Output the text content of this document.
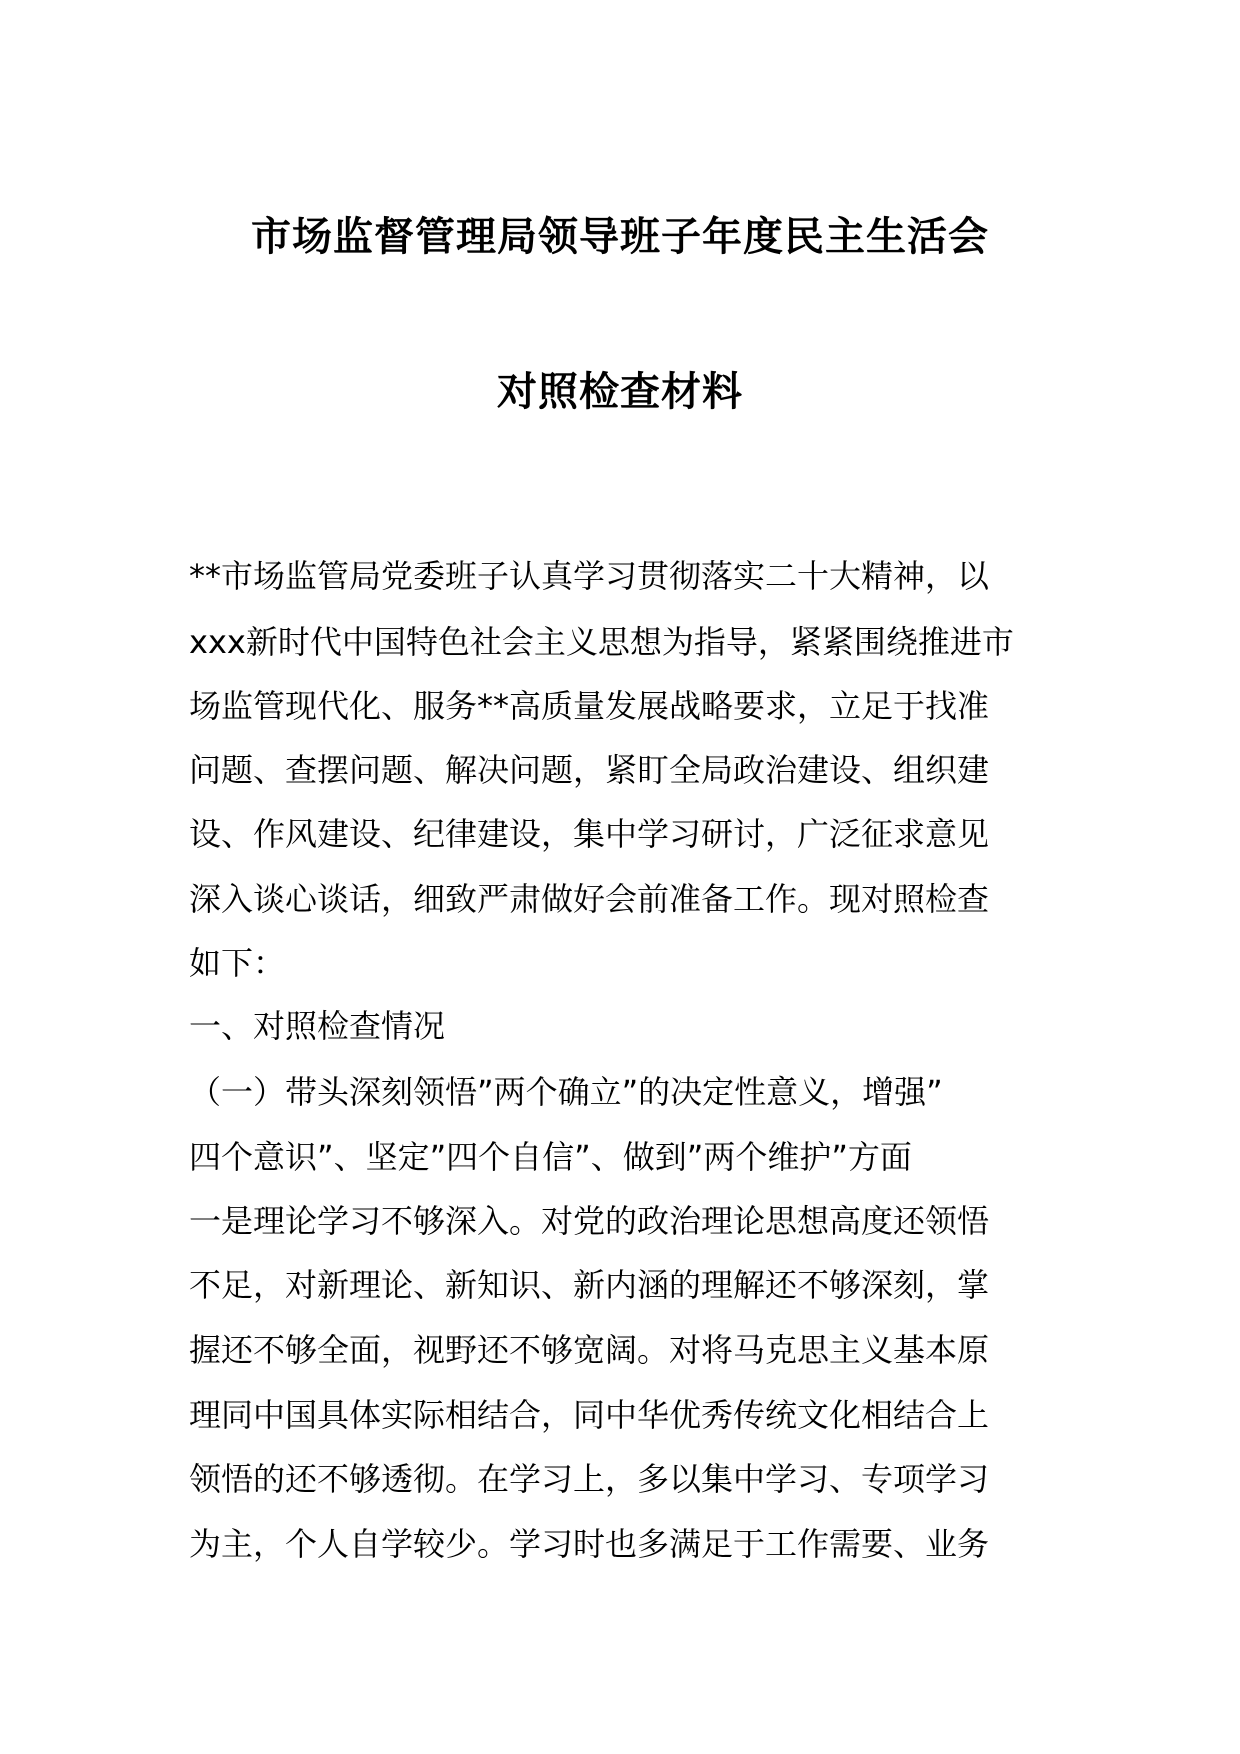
市场监督管理局领导班子年度民主生活会
对照检查材料
**市场监管局党委班子认真学习贯彻落实二十大精神，以
xxx新时代中国特色社会主义思想为指导，紧紧围绕推进市
场监管现代化、服务**高质量发展战略要求，立足于找准
问题、查摆问题、解决问题，紧盯全局政治建设、组织建
设、作风建设、纪律建设，集中学习研讨，广泛征求意见
深入谈心谈话，细致严肃做好会前准备工作。现对照检查
如下：
一、对照检查情况
（一）带头深刻领悟”两个确立”的决定性意义，增强”
四个意识”、坚定”四个自信”、做到”两个维护”方面
一是理论学习不够深入。对党的政治理论思想高度还领悟
不足，对新理论、新知识、新内涵的理解还不够深刻，掌
握还不够全面，视野还不够宽阔。对将马克思主义基本原
理同中国具体实际相结合，同中华优秀传统文化相结合上
领悟的还不够透彻。在学习上，多以集中学习、专项学习
为主，个人自学较少。学习时也多满足于工作需要、业务
